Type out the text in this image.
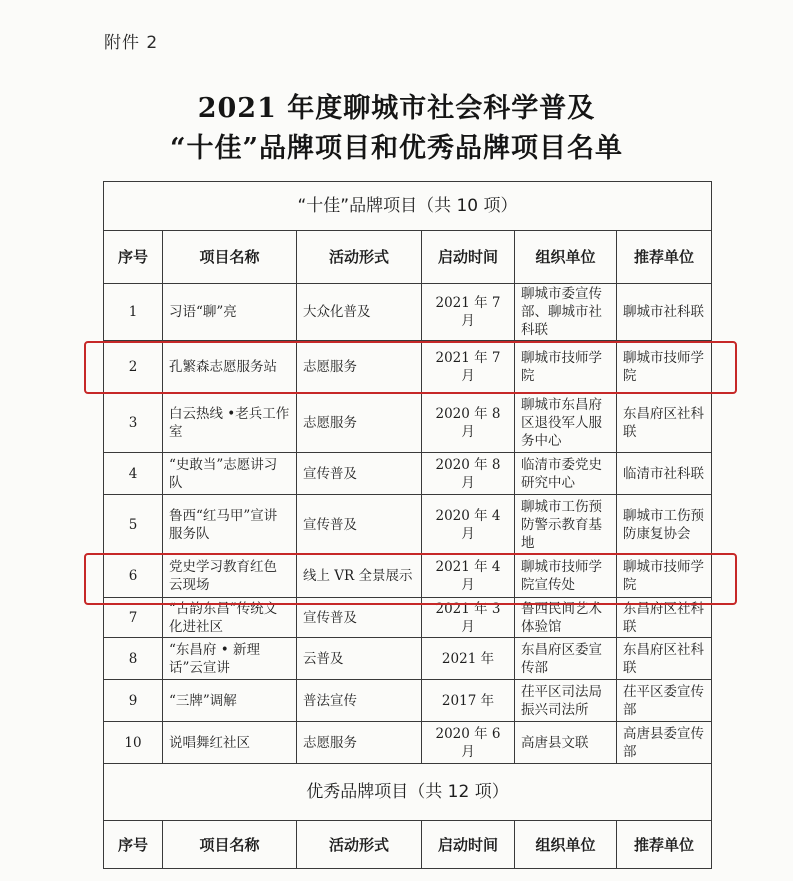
附件 2
2021 年度聊城市社会科学普及
“十佳”品牌项目和优秀品牌项目名单
“十佳”品牌项目（共 10 项）					
序号	项目名称	活动形式	启动时间	组织单位	推荐单位
1	习语“聊”亮	大众化普及	2021 年 7 月	聊城市委宣传部、聊城市社科联	聊城市社科联
2	孔繁森志愿服务站	志愿服务	2021 年 7 月	聊城市技师学院	聊城市技师学院
3	白云热线 •老兵工作室	志愿服务	2020 年 8 月	聊城市东昌府区退役军人服务中心	东昌府区社科联
4	“史敢当”志愿讲习队	宣传普及	2020 年 8 月	临清市委党史研究中心	临清市社科联
5	鲁西“红马甲”宣讲服务队	宣传普及	2020 年 4 月	聊城市工伤预防警示教育基地	聊城市工伤预防康复协会
6	党史学习教育红色云现场	线上 VR 全景展示	2021 年 4 月	聊城市技师学院宣传处	聊城市技师学院
7	“古韵东昌”传统文化进社区	宣传普及	2021 年 3 月	鲁西民间艺术体验馆	东昌府区社科联
8	“东昌府 • 新理话”云宣讲	云普及	2021 年	东昌府区委宣传部	东昌府区社科联
9	“三牌”调解	普法宣传	2017 年	茌平区司法局振兴司法所	茌平区委宣传部
10	说唱舞红社区	志愿服务	2020 年 6 月	高唐县文联	高唐县委宣传部
优秀品牌项目（共 12 项）					
序号	项目名称	活动形式	启动时间	组织单位	推荐单位
